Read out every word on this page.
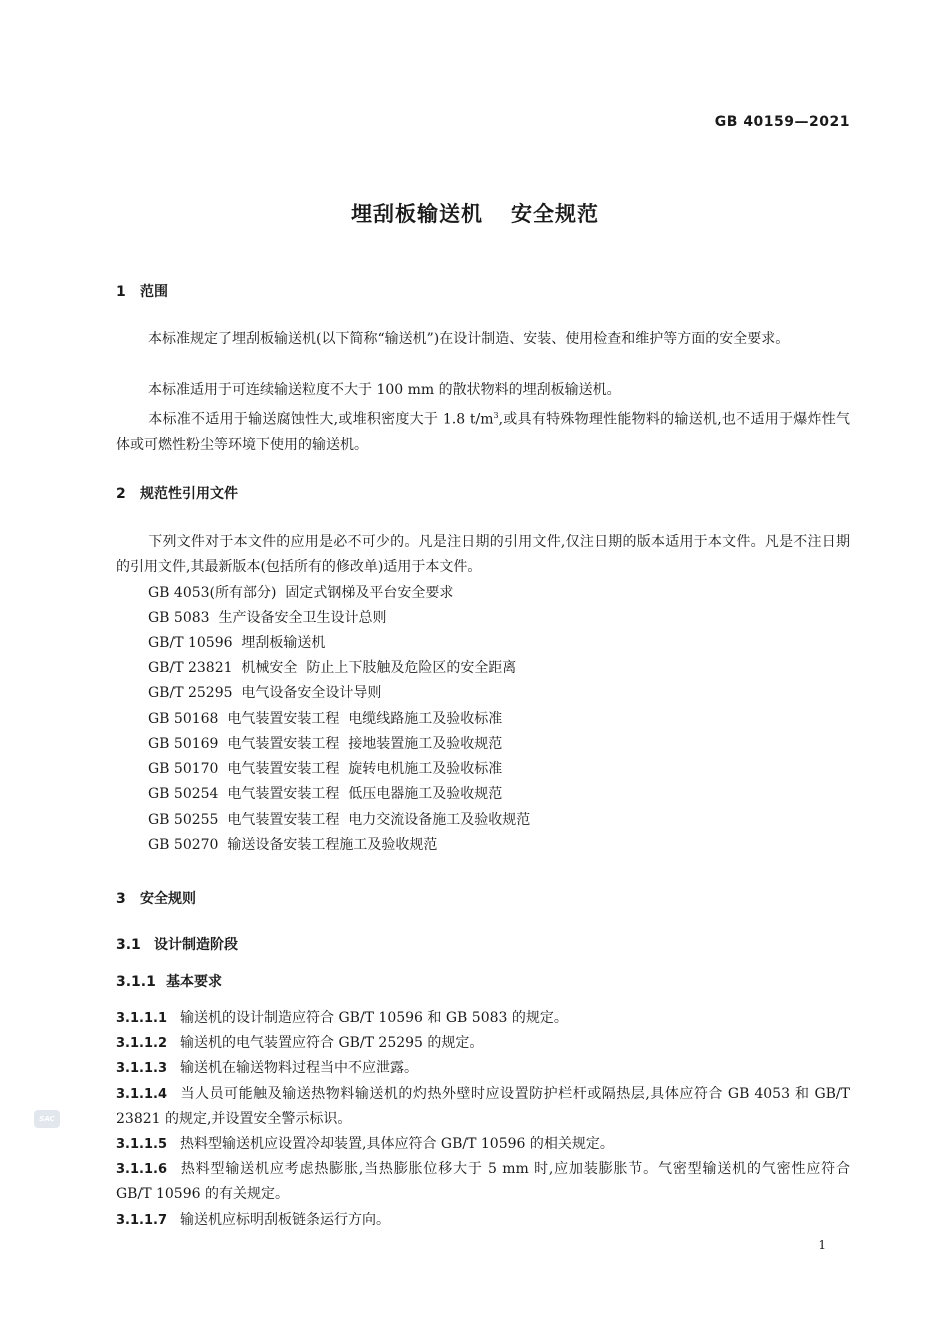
GB 40159—2021
埋刮板输送机 安全规范
1 范围
本标准规定了埋刮板输送机(以下简称“输送机”)在设计制造、安装、使用检查和维护等方面的安全要求。
本标准适用于可连续输送粒度不大于 100 mm 的散状物料的埋刮板输送机。
本标准不适用于输送腐蚀性大,或堆积密度大于 1.8 $t/m^3$,或具有特殊物理性能物料的输送机,也不适用于爆炸性气体或可燃性粉尘等环境下使用的输送机。
2 规范性引用文件
下列文件对于本文件的应用是必不可少的。凡是注日期的引用文件,仅注日期的版本适用于本文件。凡是不注日期的引用文件,其最新版本(包括所有的修改单)适用于本文件。
GB 4053(所有部分)  固定式钢梯及平台安全要求
GB 5083  生产设备安全卫生设计总则
GB/T 10596  埋刮板输送机
GB/T 23821  机械安全  防止上下肢触及危险区的安全距离
GB/T 25295  电气设备安全设计导则
GB 50168  电气装置安装工程  电缆线路施工及验收标准
GB 50169  电气装置安装工程  接地装置施工及验收规范
GB 50170  电气装置安装工程  旋转电机施工及验收标准
GB 50254  电气装置安装工程  低压电器施工及验收规范
GB 50255  电气装置安装工程  电力交流设备施工及验收规范
GB 50270  输送设备安装工程施工及验收规范
3 安全规则
3.1 设计制造阶段
3.1.1 基本要求
3.1.1.1 输送机的设计制造应符合 GB/T 10596 和 GB 5083 的规定。
3.1.1.2 输送机的电气装置应符合 GB/T 25295 的规定。
3.1.1.3 输送机在输送物料过程当中不应泄露。
3.1.1.4 当人员可能触及输送热物料输送机的灼热外壁时应设置防护栏杆或隔热层,具体应符合 GB 4053 和 GB/T 23821 的规定,并设置安全警示标识。
3.1.1.5 热料型输送机应设置冷却装置,具体应符合 GB/T 10596 的相关规定。
3.1.1.6 热料型输送机应考虑热膨胀,当热膨胀位移大于 5 mm 时,应加装膨胀节。气密型输送机的气密性应符合 GB/T 10596 的有关规定。
3.1.1.7 输送机应标明刮板链条运行方向。
SAC
1
